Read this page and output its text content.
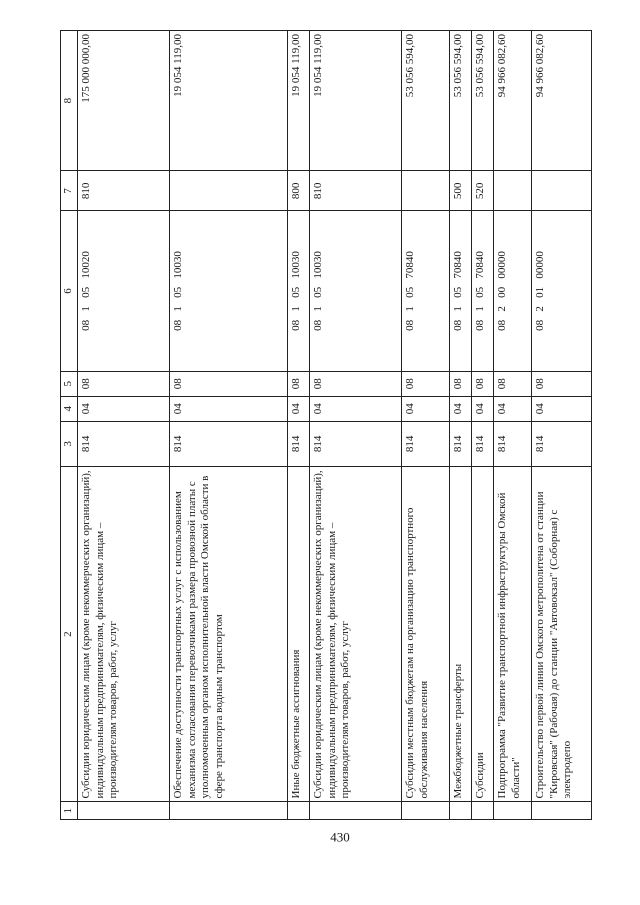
430
1	2	3	4	5	6	7	8
	Субсидии юридическим лицам (кроме некоммерческих организаций), индивидуальным предпринимателям, физическим лицам – производителям товаров, работ, услуг	814	04	08	08   1   05   10020	810	175 000 000,00
	Обеспечение доступности транспортных услуг с использованием механизма согласования перевозчиками размера провозной платы с уполномоченным органом исполнительной власти Омской области в сфере транспорта водным транспортом	814	04	08	08   1   05   10030		19 054 119,00
	Иные бюджетные ассигнования	814	04	08	08   1   05   10030	800	19 054 119,00
	Субсидии юридическим лицам (кроме некоммерческих организаций), индивидуальным предпринимателям, физическим лицам – производителям товаров, работ, услуг	814	04	08	08   1   05   10030	810	19 054 119,00
	Субсидии местным бюджетам на организацию транспортного обслуживания населения	814	04	08	08   1   05   70840		53 056 594,00
	Межбюджетные трансферты	814	04	08	08   1   05   70840	500	53 056 594,00
	Субсидии	814	04	08	08   1   05   70840	520	53 056 594,00
	Подпрограмма "Развитие транспортной инфраструктуры Омской области"	814	04	08	08   2   00   00000		94 966 082,60
	Строительство первой линии Омского метрополитена от станции "Кировская" (Рабочая) до станции "Автовокзал" (Соборная) с электродепо	814	04	08	08   2   01   00000		94 966 082,60
